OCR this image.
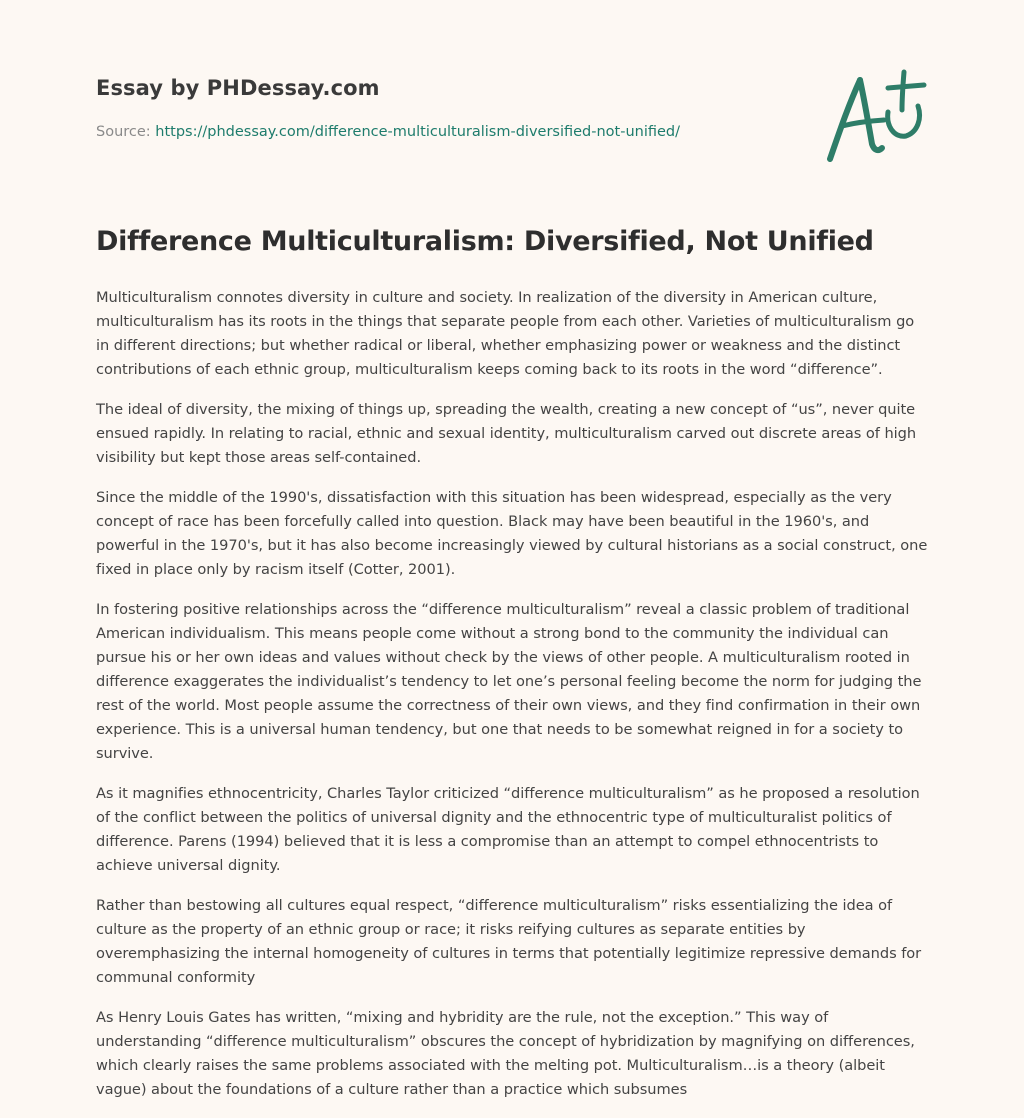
Essay by PHDessay.com
Source: https://phdessay.com/difference-multiculturalism-diversified-not-unified/
Difference Multiculturalism: Diversified, Not Unified

Multiculturalism connotes diversity in culture and society. In realization of the diversity in American culture, multiculturalism has its roots in the things that separate people from each other. Varieties of multiculturalism go in different directions; but whether radical or liberal, whether emphasizing power or weakness and the distinct contributions of each ethnic group, multiculturalism keeps coming back to its roots in the word “difference”.

The ideal of diversity, the mixing of things up, spreading the wealth, creating a new concept of “us”, never quite ensued rapidly. In relating to racial, ethnic and sexual identity, multiculturalism carved out discrete areas of high visibility but kept those areas self-contained.

Since the middle of the 1990's, dissatisfaction with this situation has been widespread, especially as the very concept of race has been forcefully called into question. Black may have been beautiful in the 1960's, and powerful in the 1970's, but it has also become increasingly viewed by cultural historians as a social construct, one fixed in place only by racism itself (Cotter, 2001).

In fostering positive relationships across the “difference multiculturalism” reveal a classic problem of traditional American individualism. This means people come without a strong bond to the community the individual can pursue his or her own ideas and values without check by the views of other people. A multiculturalism rooted in difference exaggerates the individualist’s tendency to let one’s personal feeling become the norm for judging the rest of the world. Most people assume the correctness of their own views, and they find confirmation in their own experience. This is a universal human tendency, but one that needs to be somewhat reigned in for a society to survive.

As it magnifies ethnocentricity, Charles Taylor criticized “difference multiculturalism” as he proposed a resolution of the conflict between the politics of universal dignity and the ethnocentric type of multiculturalist politics of difference. Parens (1994) believed that it is less a compromise than an attempt to compel ethnocentrists to achieve universal dignity.

Rather than bestowing all cultures equal respect, “difference multiculturalism” risks essentializing the idea of culture as the property of an ethnic group or race; it risks reifying cultures as separate entities by overemphasizing the internal homogeneity of cultures in terms that potentially legitimize repressive demands for communal conformity

As Henry Louis Gates has written, “mixing and hybridity are the rule, not the exception.” This way of understanding “difference multiculturalism” obscures the concept of hybridization by magnifying on differences, which clearly raises the same problems associated with the melting pot. Multiculturalism…is a theory (albeit vague) about the foundations of a culture rather than a practice which subsumes
